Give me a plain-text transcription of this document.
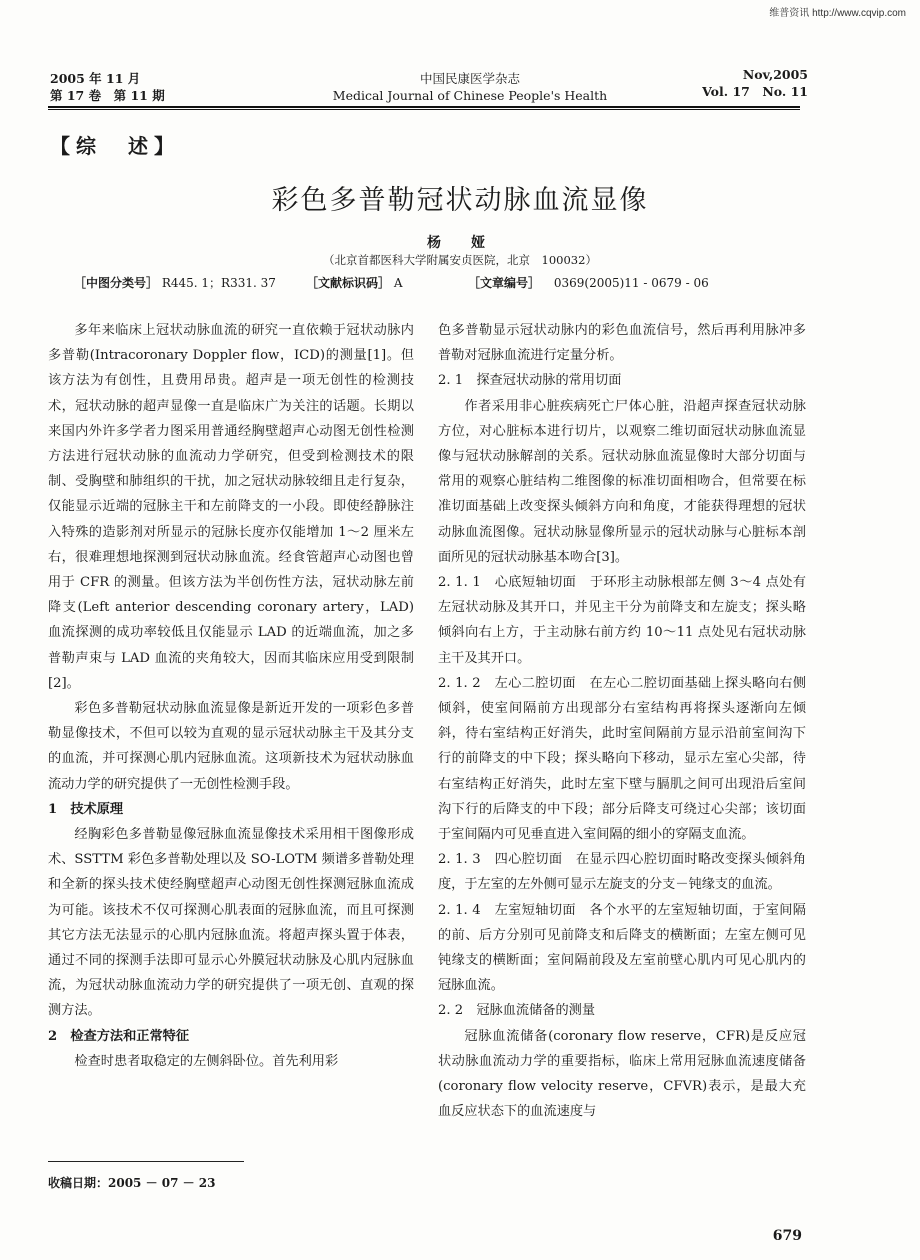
维普资讯 http://www.cqvip.com
2005 年 11 月
第 17 卷　第 11 期
中国民康医学杂志
Medical Journal of Chinese People's Health
Nov,2005
Vol. 17　No. 11
【综　述】
彩色多普勒冠状动脉血流显像
杨　娅
（北京首都医科大学附属安贞医院，北京　100032）
［中图分类号］ R445. 1；R331. 37	［文献标识码］ A	［文章编号］ 0369(2005)11 - 0679 - 06

多年来临床上冠状动脉血流的研究一直依赖于冠状动脉内多普勒(Intracoronary Doppler flow，ICD)的测量[1]。但该方法为有创性，且费用昂贵。超声是一项无创性的检测技术，冠状动脉的超声显像一直是临床广为关注的话题。长期以来国内外许多学者力图采用普通经胸壁超声心动图无创性检测方法进行冠状动脉的血流动力学研究，但受到检测技术的限制、受胸壁和肺组织的干扰，加之冠状动脉较细且走行复杂，仅能显示近端的冠脉主干和左前降支的一小段。即使经静脉注入特殊的造影剂对所显示的冠脉长度亦仅能增加 1～2 厘米左右，很难理想地探测到冠状动脉血流。经食管超声心动图也曾用于 CFR 的测量。但该方法为半创伤性方法，冠状动脉左前降支(Left anterior descending coronary artery，LAD)血流探测的成功率较低且仅能显示 LAD 的近端血流，加之多普勒声束与 LAD 血流的夹角较大，因而其临床应用受到限制[2]。

彩色多普勒冠状动脉血流显像是新近开发的一项彩色多普勒显像技术，不但可以较为直观的显示冠状动脉主干及其分支的血流，并可探测心肌内冠脉血流。这项新技术为冠状动脉血流动力学的研究提供了一无创性检测手段。

1　技术原理

经胸彩色多普勒显像冠脉血流显像技术采用相干图像形成术、SSTTM 彩色多普勒处理以及 SO-LOTM 频谱多普勒处理和全新的探头技术使经胸壁超声心动图无创性探测冠脉血流成为可能。该技术不仅可探测心肌表面的冠脉血流，而且可探测其它方法无法显示的心肌内冠脉血流。将超声探头置于体表，通过不同的探测手法即可显示心外膜冠状动脉及心肌内冠脉血流，为冠状动脉血流动力学的研究提供了一项无创、直观的探测方法。

2　检查方法和正常特征

检查时患者取稳定的左侧斜卧位。首先利用彩

色多普勒显示冠状动脉内的彩色血流信号，然后再利用脉冲多普勒对冠脉血流进行定量分析。

2. 1　探查冠状动脉的常用切面

作者采用非心脏疾病死亡尸体心脏，沿超声探查冠状动脉方位，对心脏标本进行切片，以观察二维切面冠状动脉血流显像与冠状动脉解剖的关系。冠状动脉血流显像时大部分切面与常用的观察心脏结构二维图像的标准切面相吻合，但常要在标准切面基础上改变探头倾斜方向和角度，才能获得理想的冠状动脉血流图像。冠状动脉显像所显示的冠状动脉与心脏标本剖面所见的冠状动脉基本吻合[3]。

2. 1. 1　心底短轴切面　于环形主动脉根部左侧 3～4 点处有左冠状动脉及其开口，并见主干分为前降支和左旋支；探头略倾斜向右上方，于主动脉右前方约 10～11 点处见右冠状动脉主干及其开口。

2. 1. 2　左心二腔切面　在左心二腔切面基础上探头略向右侧倾斜，使室间隔前方出现部分右室结构再将探头逐渐向左倾斜，待右室结构正好消失，此时室间隔前方显示沿前室间沟下行的前降支的中下段；探头略向下移动，显示左室心尖部，待右室结构正好消失，此时左室下壁与膈肌之间可出现沿后室间沟下行的后降支的中下段；部分后降支可绕过心尖部；该切面于室间隔内可见垂直进入室间隔的细小的穿隔支血流。

2. 1. 3　四心腔切面　在显示四心腔切面时略改变探头倾斜角度，于左室的左外侧可显示左旋支的分支－钝缘支的血流。

2. 1. 4　左室短轴切面　各个水平的左室短轴切面，于室间隔的前、后方分别可见前降支和后降支的横断面；左室左侧可见钝缘支的横断面；室间隔前段及左室前壁心肌内可见心肌内的冠脉血流。

2. 2　冠脉血流储备的测量

冠脉血流储备(coronary flow reserve，CFR)是反应冠状动脉血流动力学的重要指标，临床上常用冠脉血流速度储备(coronary flow velocity reserve，CFVR)表示，是最大充血反应状态下的血流速度与

收稿日期：2005 － 07 － 23
679
